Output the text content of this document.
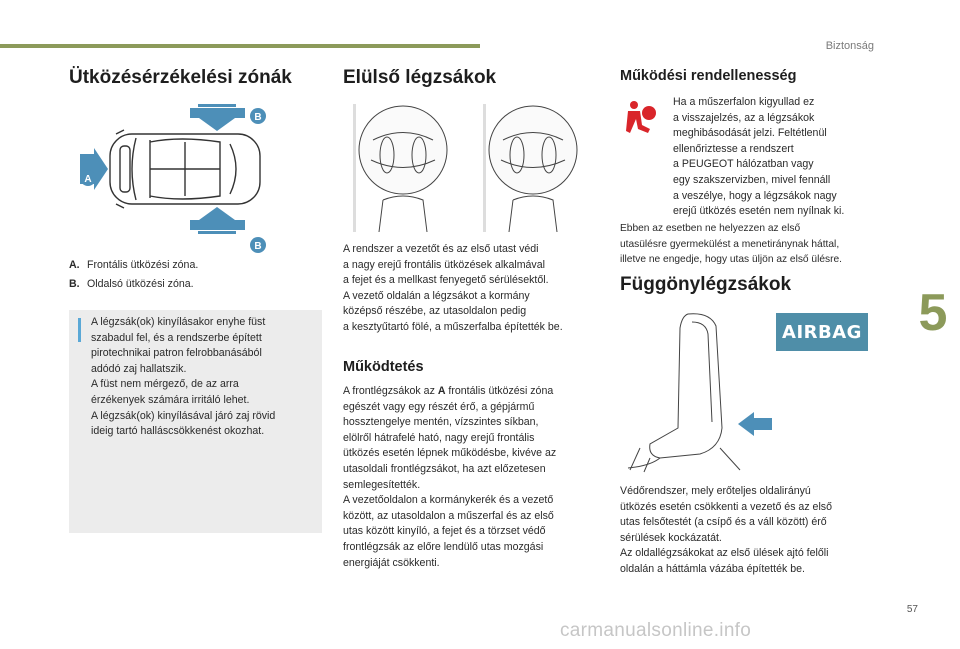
Biztonság
5
Ütközésérzékelési zónák
B
B
A
A. Frontális ütközési zóna.
B. Oldalsó ütközési zóna.
A légzsák(ok) kinyílásakor enyhe füst
szabadul fel, és a rendszerbe épített
pirotechnikai patron felrobbanásából
adódó zaj hallatszik.
A füst nem mérgező, de az arra
érzékenyek számára irritáló lehet.
A légzsák(ok) kinyílásával járó zaj rövid
ideig tartó halláscsökkenést okozhat.
Elülső légzsákok
A rendszer a vezetőt és az első utast védi
a nagy erejű frontális ütközések alkalmával
a fejet és a mellkast fenyegető sérülésektől.
A vezető oldalán a légzsákot a kormány
középső részébe, az utasoldalon pedig
a kesztyűtartó fölé, a műszerfalba építették be.
Működtetés
A frontlégzsákok az A frontális ütközési zóna
egészét vagy egy részét érő, a gépjármű
hossztengelye mentén, vízszintes síkban,
elölről hátrafelé ható, nagy erejű frontális
ütközés esetén lépnek működésbe, kivéve az
utasoldali frontlégzsákot, ha azt előzetesen
semlegesítették.
A vezetőoldalon a kormánykerék és a vezető
között, az utasoldalon a műszerfal és az első
utas között kinyíló, a fejet és a törzset védő
frontlégzsák az előre lendülő utas mozgási
energiáját csökkenti.
Működési rendellenesség
Ha a műszerfalon kigyullad ez
a visszajelzés, az a légzsákok
meghibásodását jelzi. Feltétlenül
ellenőriztesse a rendszert
a PEUGEOT hálózatban vagy
egy szakszervizben, mivel fennáll
a veszélye, hogy a légzsákok nagy
erejű ütközés esetén nem nyílnak ki.
Ebben az esetben ne helyezzen az első
utasülésre gyermekülést a menetiránynak háttal,
illetve ne engedje, hogy utas üljön az első ülésre.
Függönylégzsákok
AIRBAG
Védőrendszer, mely erőteljes oldalirányú
ütközés esetén csökkenti a vezető és az első
utas felsőtestét (a csípő és a váll között) érő
sérülések kockázatát.
Az oldallégzsákokat az első ülések ajtó felőli
oldalán a háttámla vázába építették be.
57
carmanualsonline.info
